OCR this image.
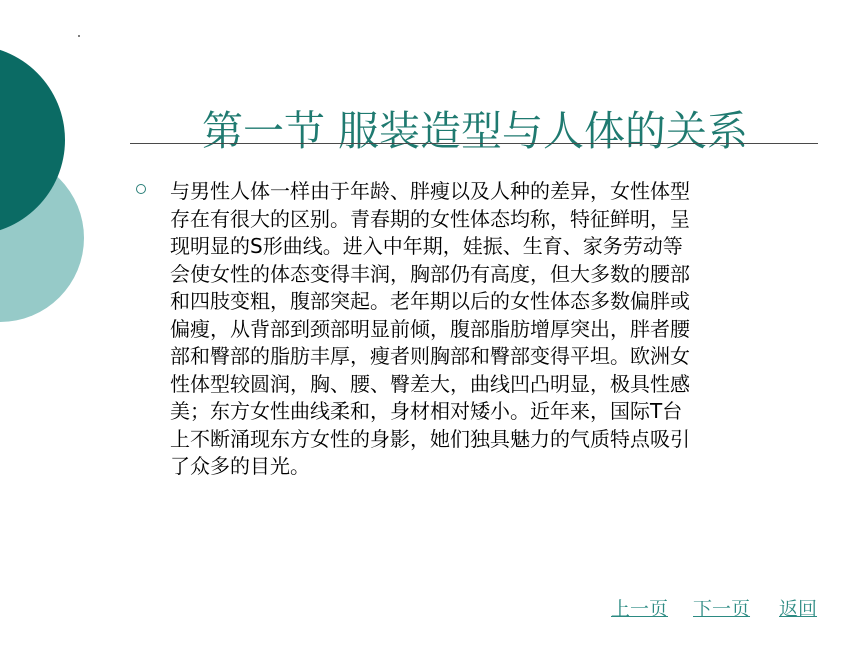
第一节 服装造型与人体的关系

与男性人体一样由于年龄、胖瘦以及人种的差异，女性体型
存在有很大的区别。青春期的女性体态均称，特征鲜明，呈
现明显的S形曲线。进入中年期，娃振、生育、家务劳动等
会使女性的体态变得丰润，胸部仍有高度，但大多数的腰部
和四肢变粗，腹部突起。老年期以后的女性体态多数偏胖或
偏瘦，从背部到颈部明显前倾，腹部脂肪增厚突出，胖者腰
部和臀部的脂肪丰厚，瘦者则胸部和臀部变得平坦。欧洲女
性体型较圆润，胸、腰、臀差大，曲线凹凸明显，极具性感
美；东方女性曲线柔和，身材相对矮小。近年来，国际T台
上不断涌现东方女性的身影，她们独具魅力的气质特点吸引
了众多的目光。

上一页 下一页 返回
